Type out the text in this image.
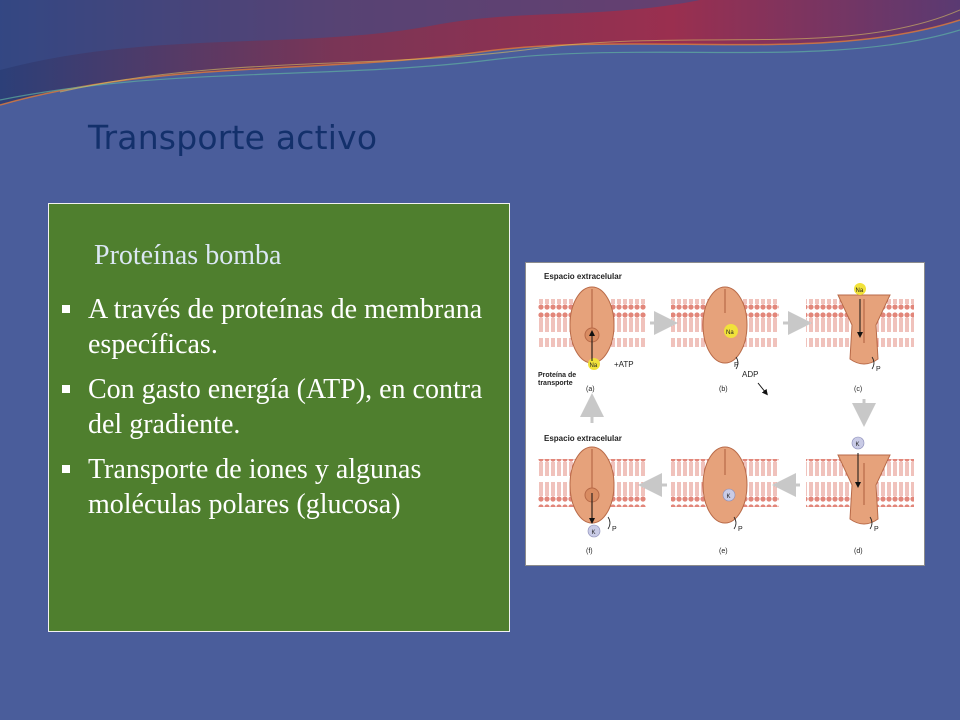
Transporte activo
Proteínas bomba
A través de proteínas de membrana específicas.
Con gasto energía (ATP), en contra del gradiente.
Transporte de iones y algunas moléculas polares (glucosa)
Espacio extracelular
Espacio extracelular
Na
Na
Na
K
K
K
Proteína de
transporte
+ATP	P
ADP
P
P
P
P
(a)	(b)	(c)
(d)
(e)
(f)
